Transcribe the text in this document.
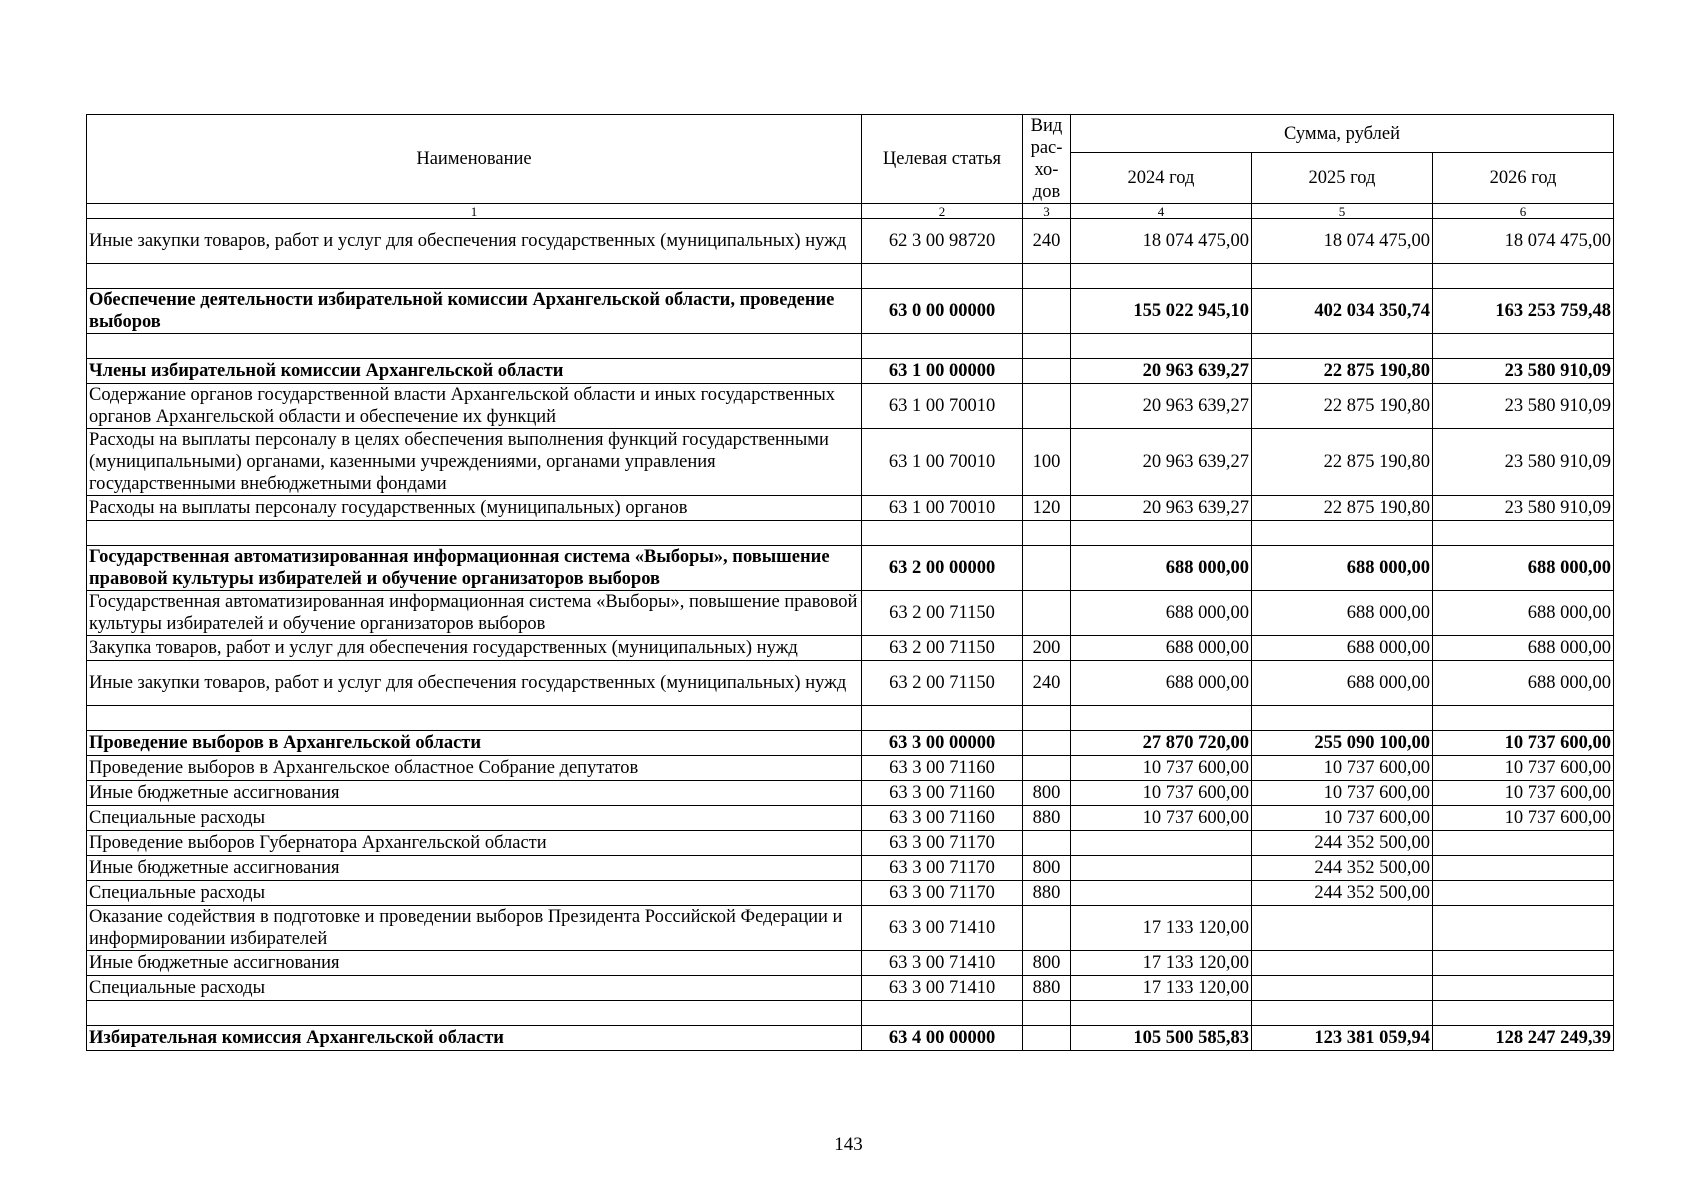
Наименование	Целевая статья	Вид рас-хо-дов	Сумма, рублей		
			2024 год	2025 год	2026 год
1	2	3	4	5	6
Иные закупки товаров, работ и услуг для обеспечения государственных (муниципальных) нужд	62 3 00 98720	240	18 074 475,00	18 074 475,00	18 074 475,00

Обеспечение деятельности избирательной комиссии Архангельской области, проведение выборов	63 0 00 00000		155 022 945,10	402 034 350,74	163 253 759,48

Члены избирательной комиссии Архангельской области	63 1 00 00000		20 963 639,27	22 875 190,80	23 580 910,09
Содержание органов государственной власти Архангельской области и иных государственных органов Архангельской области и обеспечение их функций	63 1 00 70010		20 963 639,27	22 875 190,80	23 580 910,09
Расходы на выплаты персоналу в целях обеспечения выполнения функций государственными (муниципальными) органами, казенными учреждениями, органами управления государственными внебюджетными фондами	63 1 00 70010	100	20 963 639,27	22 875 190,80	23 580 910,09
Расходы на выплаты персоналу государственных (муниципальных) органов	63 1 00 70010	120	20 963 639,27	22 875 190,80	23 580 910,09

Государственная автоматизированная информационная система «Выборы», повышение правовой культуры избирателей и обучение организаторов выборов	63 2 00 00000		688 000,00	688 000,00	688 000,00
Государственная автоматизированная информационная система «Выборы», повышение правовой культуры избирателей и обучение организаторов выборов	63 2 00 71150		688 000,00	688 000,00	688 000,00
Закупка товаров, работ и услуг для обеспечения государственных (муниципальных) нужд	63 2 00 71150	200	688 000,00	688 000,00	688 000,00
Иные закупки товаров, работ и услуг для обеспечения государственных (муниципальных) нужд	63 2 00 71150	240	688 000,00	688 000,00	688 000,00

Проведение выборов в Архангельской области	63 3 00 00000		27 870 720,00	255 090 100,00	10 737 600,00
Проведение выборов в Архангельское областное Собрание депутатов	63 3 00 71160		10 737 600,00	10 737 600,00	10 737 600,00
Иные бюджетные ассигнования	63 3 00 71160	800	10 737 600,00	10 737 600,00	10 737 600,00
Специальные расходы	63 3 00 71160	880	10 737 600,00	10 737 600,00	10 737 600,00
Проведение выборов Губернатора Архангельской области	63 3 00 71170			244 352 500,00	
Иные бюджетные ассигнования	63 3 00 71170	800		244 352 500,00	
Специальные расходы	63 3 00 71170	880		244 352 500,00	
Оказание содействия в подготовке и проведении выборов Президента Российской Федерации и информировании избирателей	63 3 00 71410		17 133 120,00		
Иные бюджетные ассигнования	63 3 00 71410	800	17 133 120,00		
Специальные расходы	63 3 00 71410	880	17 133 120,00		

Избирательная комиссия Архангельской области	63 4 00 00000		105 500 585,83	123 381 059,94	128 247 249,39
143
